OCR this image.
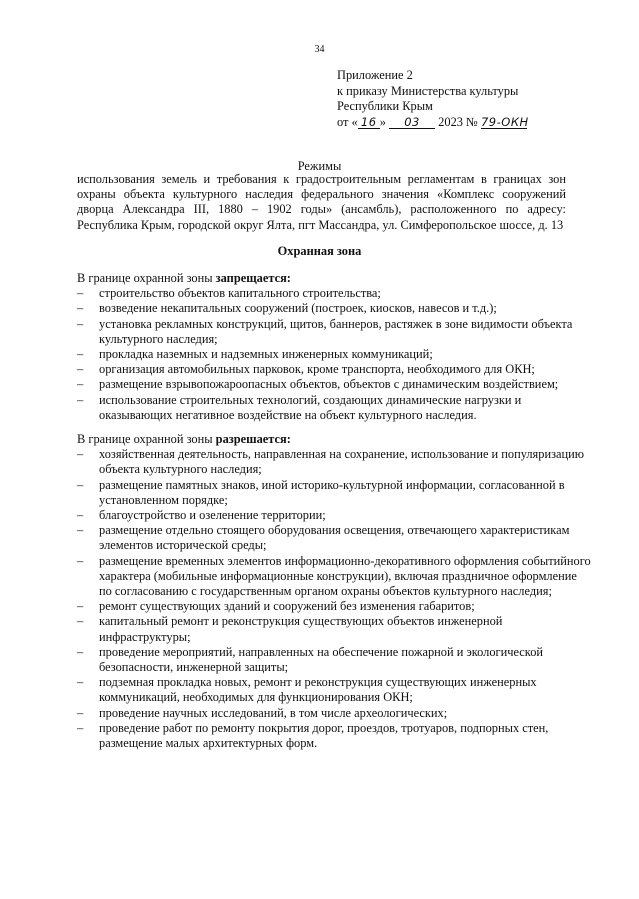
34
Приложение 2
к приказу Министерства культуры
Республики Крым
от « 16 » 03 2023 № 79-ОКН
Режимы
использования земель и требования к градостроительным регламентам в границах зон охраны объекта культурного наследия федерального значения «Комплекс сооружений дворца Александра III, 1880 – 1902 годы» (ансамбль), расположенного по адресу: Республика Крым, городской округ Ялта, пгт Массандра, ул. Симферопольское шоссе, д. 13
Охранная зона
В границе охранной зоны запрещается:
– строительство объектов капитального строительства;
– возведение некапитальных сооружений (построек, киосков, навесов и т.д.);
– установка рекламных конструкций, щитов, баннеров, растяжек в зоне видимости объекта культурного наследия;
– прокладка наземных и надземных инженерных коммуникаций;
– организация автомобильных парковок, кроме транспорта, необходимого для ОКН;
– размещение взрывопожароопасных объектов, объектов с динамическим воздействием;
– использование строительных технологий, создающих динамические нагрузки и оказывающих негативное воздействие на объект культурного наследия.
В границе охранной зоны разрешается:
– хозяйственная деятельность, направленная на сохранение, использование и популяризацию объекта культурного наследия;
– размещение памятных знаков, иной историко-культурной информации, согласованной в установленном порядке;
– благоустройство и озеленение территории;
– размещение отдельно стоящего оборудования освещения, отвечающего характеристикам элементов исторической среды;
– размещение временных элементов информационно-декоративного оформления событийного характера (мобильные информационные конструкции), включая праздничное оформление по согласованию с государственным органом охраны объектов культурного наследия;
– ремонт существующих зданий и сооружений без изменения габаритов;
– капитальный ремонт и реконструкция существующих объектов инженерной инфраструктуры;
– проведение мероприятий, направленных на обеспечение пожарной и экологической безопасности, инженерной защиты;
– подземная прокладка новых, ремонт и реконструкция существующих инженерных коммуникаций, необходимых для функционирования ОКН;
– проведение научных исследований, в том числе археологических;
– проведение работ по ремонту покрытия дорог, проездов, тротуаров, подпорных стен, размещение малых архитектурных форм.
